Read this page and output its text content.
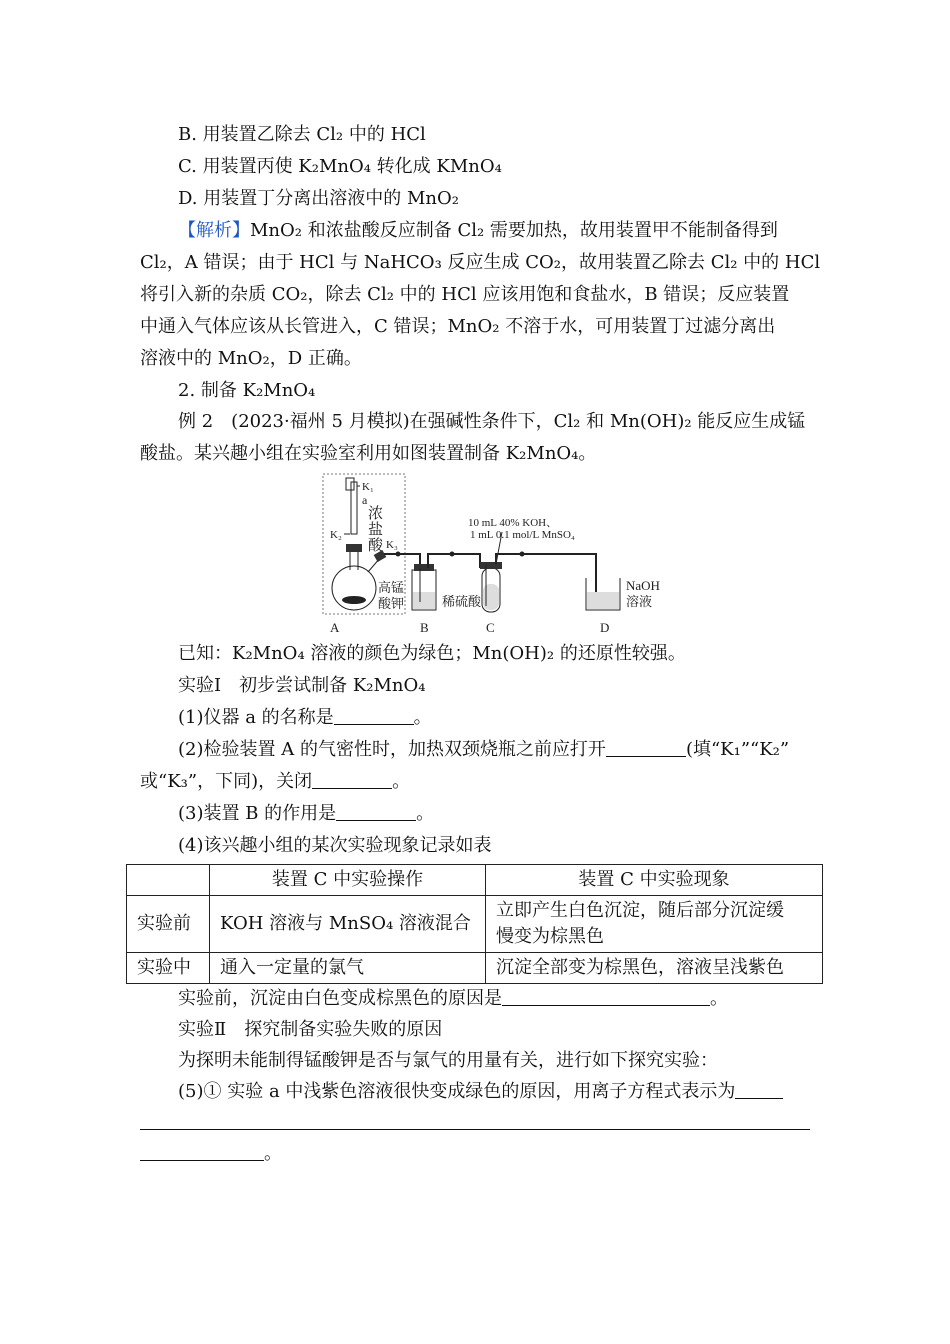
B. 用装置乙除去 Cl₂ 中的 HCl
C. 用装置丙使 K₂MnO₄ 转化成 KMnO₄
D. 用装置丁分离出溶液中的 MnO₂
【解析】MnO₂ 和浓盐酸反应制备 Cl₂ 需要加热，故用装置甲不能制备得到
Cl₂，A 错误；由于 HCl 与 NaHCO₃ 反应生成 CO₂，故用装置乙除去 Cl₂ 中的 HCl
将引入新的杂质 CO₂，除去 Cl₂ 中的 HCl 应该用饱和食盐水，B 错误；反应装置
中通入气体应该从长管进入，C 错误；MnO₂ 不溶于水，可用装置丁过滤分离出
溶液中的 MnO₂，D 正确。
2. 制备 K₂MnO₄
例 2　(2023·福州 5 月模拟)在强碱性条件下，Cl₂ 和 Mn(OH)₂ 能反应生成锰
酸盐。某兴趣小组在实验室利用如图装置制备 K₂MnO₄。
K₁
a
浓
盐
酸
K₂
高锰
酸钾
K₃
稀硫酸
10 mL 40% KOH、
1 mL 0.1 mol/L MnSO₄
NaOH
溶液
A	B	C	D
已知：K₂MnO₄ 溶液的颜色为绿色；Mn(OH)₂ 的还原性较强。
实验Ⅰ　初步尝试制备 K₂MnO₄
(1)仪器 a 的名称是	。
(2)检验装置 A 的气密性时，加热双颈烧瓶之前应打开	(填“K₁”“K₂”
或“K₃”，下同)，关闭	。
(3)装置 B 的作用是	。
(4)该兴趣小组的某次实验现象记录如表
	装置 C 中实验操作	装置 C 中实验现象
实验前	KOH 溶液与 MnSO₄ 溶液混合	立即产生白色沉淀，随后部分沉淀缓
慢变为棕黑色
实验中	通入一定量的氯气	沉淀全部变为棕黑色，溶液呈浅紫色
实验前，沉淀由白色变成棕黑色的原因是	。
实验Ⅱ　探究制备实验失败的原因
为探明未能制得锰酸钾是否与氯气的用量有关，进行如下探究实验：
(5)① 实验 a 中浅紫色溶液很快变成绿色的原因，用离子方程式表示为
。
